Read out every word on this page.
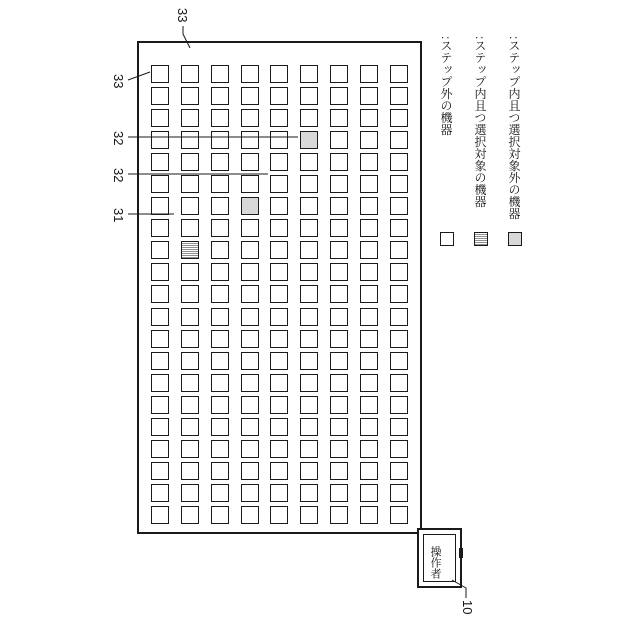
操作者
:ステップ外の機器 :ステップ内且つ選択対象の機器 :ステップ内且つ選択対象外の機器
33
33
32
32
31
10
